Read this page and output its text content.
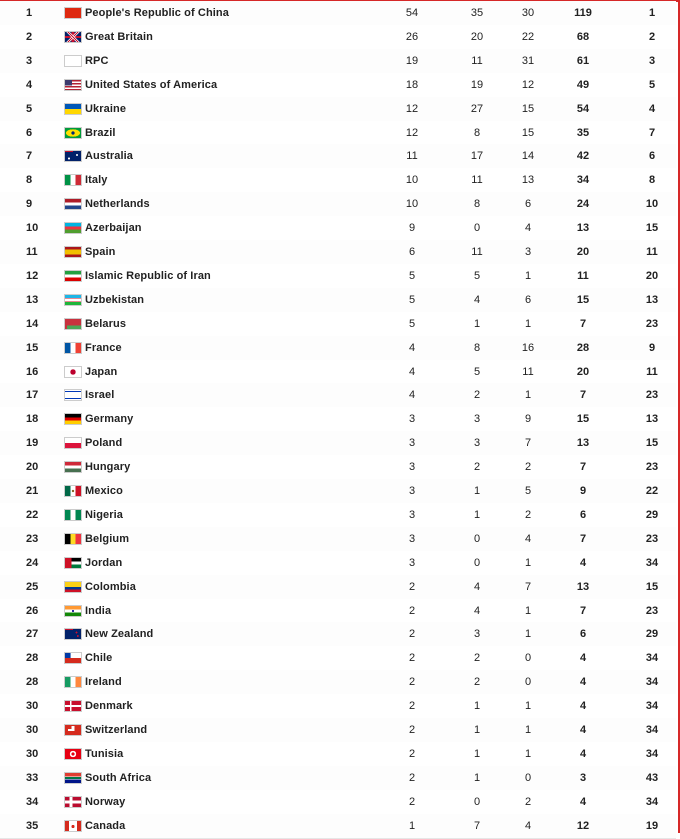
1	People's Republic of China	54	35	30	119	1
2	Great Britain	26	20	22	68	2
3	RPC	19	11	31	61	3
4	United States of America	18	19	12	49	5
5	Ukraine	12	27	15	54	4
6	Brazil	12	8	15	35	7
7	Australia	11	17	14	42	6
8	Italy	10	11	13	34	8
9	Netherlands	10	8	6	24	10
10	Azerbaijan	9	0	4	13	15
11	Spain	6	11	3	20	11
12	Islamic Republic of Iran	5	5	1	11	20
13	Uzbekistan	5	4	6	15	13
14	Belarus	5	1	1	7	23
15	France	4	8	16	28	9
16	Japan	4	5	11	20	11
17	Israel	4	2	1	7	23
18	Germany	3	3	9	15	13
19	Poland	3	3	7	13	15
20	Hungary	3	2	2	7	23
21	Mexico	3	1	5	9	22
22	Nigeria	3	1	2	6	29
23	Belgium	3	0	4	7	23
24	Jordan	3	0	1	4	34
25	Colombia	2	4	7	13	15
26	India	2	4	1	7	23
27	New Zealand	2	3	1	6	29
28	Chile	2	2	0	4	34
28	Ireland	2	2	0	4	34
30	Denmark	2	1	1	4	34
30	Switzerland	2	1	1	4	34
30	Tunisia	2	1	1	4	34
33	South Africa	2	1	0	3	43
34	Norway	2	0	2	4	34
35	Canada	1	7	4	12	19
